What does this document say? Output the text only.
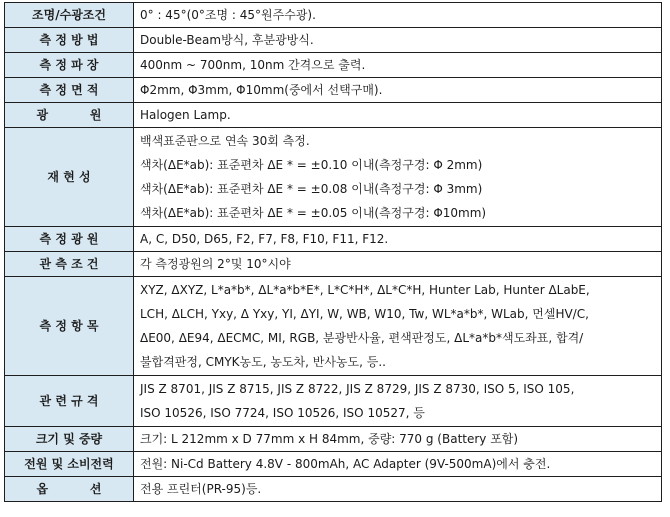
조명/수광조건	0° : 45°(0°조명 : 45°원주수광).

측 정 방 법	Double-Beam방식, 후분광방식.

측 정 파 장	400nm ~ 700nm, 10nm 간격으로 출력.

측 정 면 적	Φ2mm, Φ3mm, Φ10mm(중에서 선택구매).

광          원	Halogen Lamp.

재 현 성	백색표준판으로 연속 30회 측정.
색차(ΔE*ab): 표준편차 ΔE * = ±0.10 이내(측정구경: Φ 2mm)
색차(ΔE*ab): 표준편차 ΔE * = ±0.08 이내(측정구경: Φ 3mm)
색차(ΔE*ab): 표준편차 ΔE * = ±0.05 이내(측정구경: Φ10mm)

측 정 광 원	A, C, D50, D65, F2, F7, F8, F10, F11, F12.

관 측 조 건	각 측정광원의 2°및 10°시야

측 정 항 목	XYZ, ΔXYZ, L*a*b*, ΔL*a*b*E*, L*C*H*, ΔL*C*H, Hunter Lab, Hunter ΔLabE,
LCH, ΔLCH, Yxy, Δ Yxy, YI, ΔYI, W, WB, W10, Tw, WL*a*b*, WLab, 먼셀HV/C,
ΔE00, ΔE94, ΔECMC, MI, RGB, 분광반사율, 편색판정도, ΔL*a*b*색도좌표, 합격/
불합격판정, CMYK농도, 농도차, 반사농도, 등..

관 련 규 격	JIS Z 8701, JIS Z 8715, JIS Z 8722, JIS Z 8729, JIS Z 8730, ISO 5, ISO 105,
ISO 10526, ISO 7724, ISO 10526, ISO 10527, 등

크기 및 중량	크기: L 212mm x D 77mm x H 84mm, 중량: 770 g (Battery 포함)

전원 및 소비전력	전원: Ni-Cd Battery 4.8V - 800mAh, AC Adapter (9V-500mA)에서 충전.

옵          션	전용 프린터(PR-95)등.
